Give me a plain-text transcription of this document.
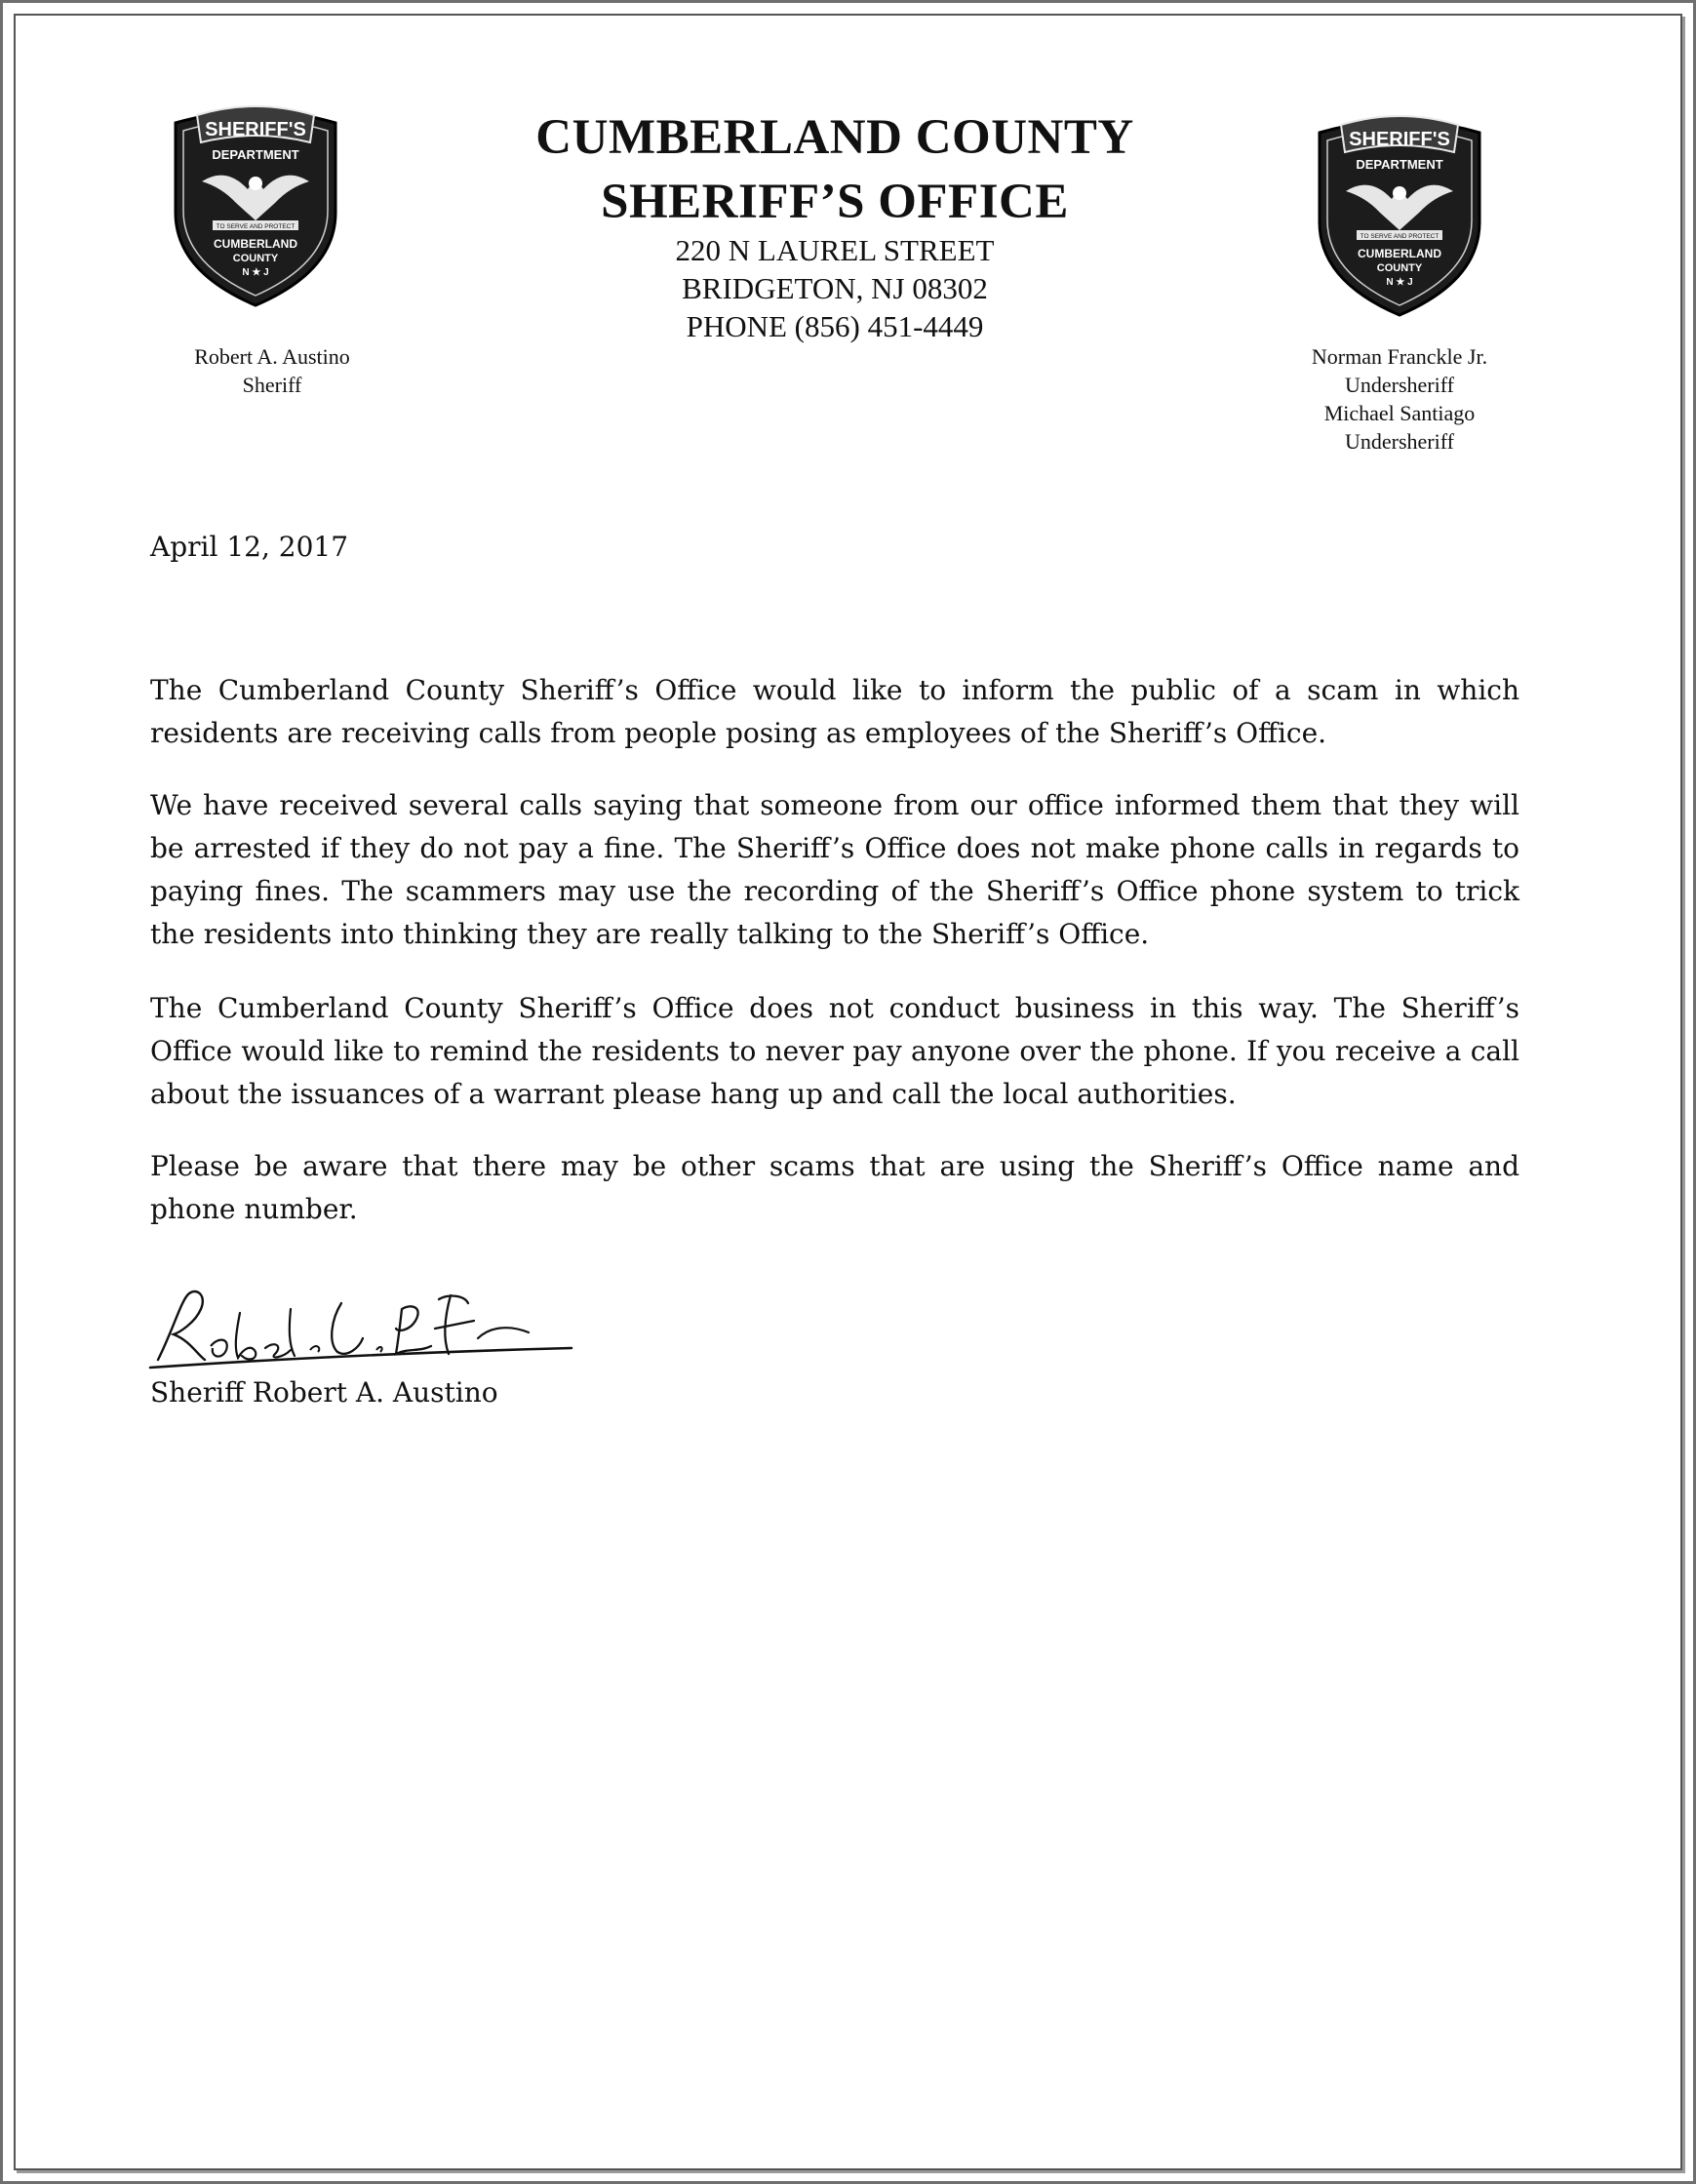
SHERIFF'S
DEPARTMENT
TO SERVE AND PROTECT
CUMBERLAND
COUNTY
N ★ J
SHERIFF'S
DEPARTMENT
TO SERVE AND PROTECT
CUMBERLAND
COUNTY
N ★ J
CUMBERLAND COUNTY
SHERIFF’S OFFICE
220 N LAUREL STREET
BRIDGETON, NJ 08302
PHONE (856) 451-4449
Robert A. Austino
Sheriff
Norman Franckle Jr.
Undersheriff
Michael Santiago
Undersheriff
April 12, 2017

The Cumberland County Sheriff’s Office would like to inform the public of a scam in which residents are receiving calls from people posing as employees of the Sheriff’s Office.

We have received several calls saying that someone from our office informed them that they will be arrested if they do not pay a fine. The Sheriff’s Office does not make phone calls in regards to paying fines. The scammers may use the recording of the Sheriff’s Office phone system to trick the residents into thinking they are really talking to the Sheriff’s Office.

The Cumberland County Sheriff’s Office does not conduct business in this way. The Sheriff’s Office would like to remind the residents to never pay anyone over the phone. If you receive a call about the issuances of a warrant please hang up and call the local authorities.

Please be aware that there may be other scams that are using the Sheriff’s Office name and phone number.

Sheriff Robert A. Austino
